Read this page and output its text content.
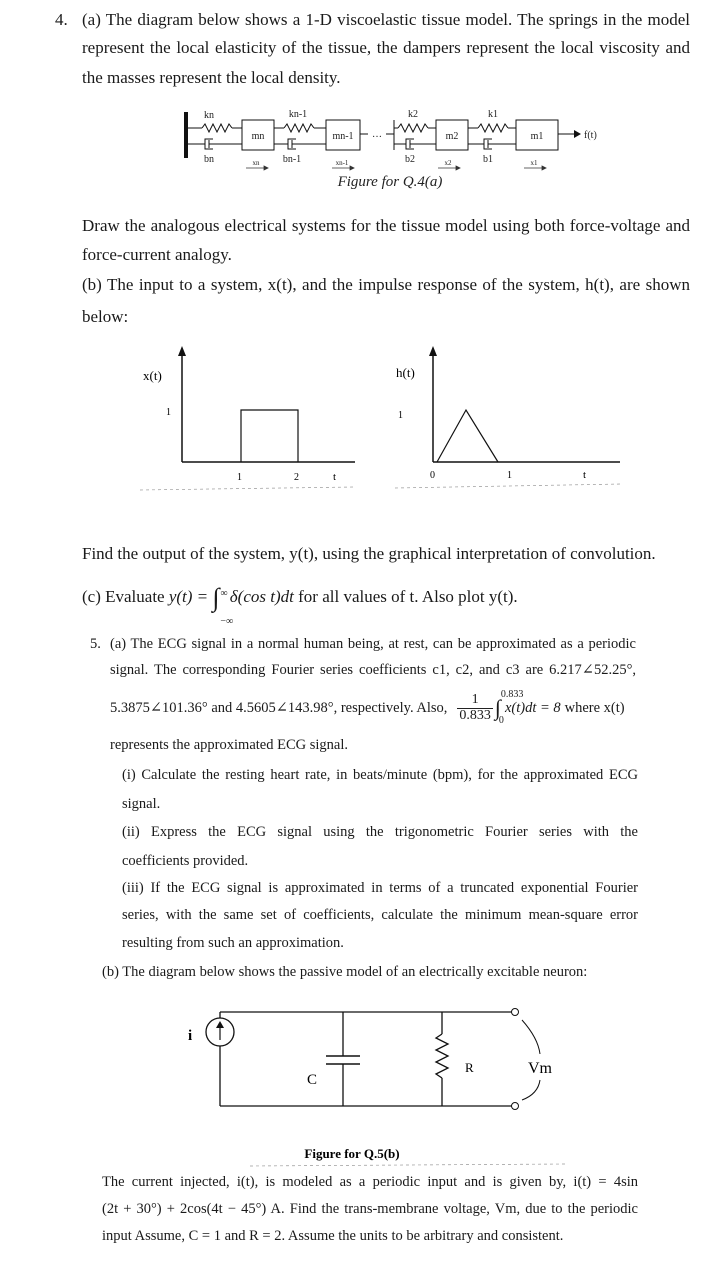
4. (a) The diagram below shows a 1-D viscoelastic tissue model. The springs in the model
represent the local elasticity of the tissue, the dampers represent the local viscosity and
the masses represent the local density.
kn	kn-1	k2	k1
bn	bn-1	b2	b1
mn	mn-1	m2	m1
…	f(t)
xn	xn-1	x2	x1
Figure for Q.4(a)
Draw the analogous electrical systems for the tissue model using both force-voltage and
force-current analogy.
(b) The input to a system, x(t), and the impulse response of the system, h(t), are shown
below:
x(t)
1
1	2	t
h(t)
1
0	1	t
Find the output of the system, y(t), using the graphical interpretation of convolution.
(c) Evaluate y(t) = ∫ ∞
−∞
δ(cos t)dt for all values of t. Also plot y(t).
5. (a) The ECG signal in a normal human being, at rest, can be approximated as a periodic
signal. The corresponding Fourier series coefficients c1, c2, and c3 are 6.217∠52.25°,
5.3875∠101.36° and 4.5605∠143.98°, respectively. Also, $\frac{1}{0.833}$ ∫
0.833
0
x(t)dt = 8 where x(t)
represents the approximated ECG signal.
(i) Calculate the resting heart rate, in beats/minute (bpm), for the approximated ECG
signal.
(ii) Express the ECG signal using the trigonometric Fourier series with the
coefficients provided.
(iii) If the ECG signal is approximated in terms of a truncated exponential Fourier
series, with the same set of coefficients, calculate the minimum mean-square error
resulting from such an approximation.
(b) The diagram below shows the passive model of an electrically excitable neuron:
i
C
R	Vm
Figure for Q.5(b)
The current injected, i(t), is modeled as a periodic input and is given by, i(t) = 4sin
(2t + 30°) + 2cos(4t − 45°) A. Find the trans-membrane voltage, Vm, due to the periodic
input Assume, C = 1 and R = 2. Assume the units to be arbitrary and consistent.
